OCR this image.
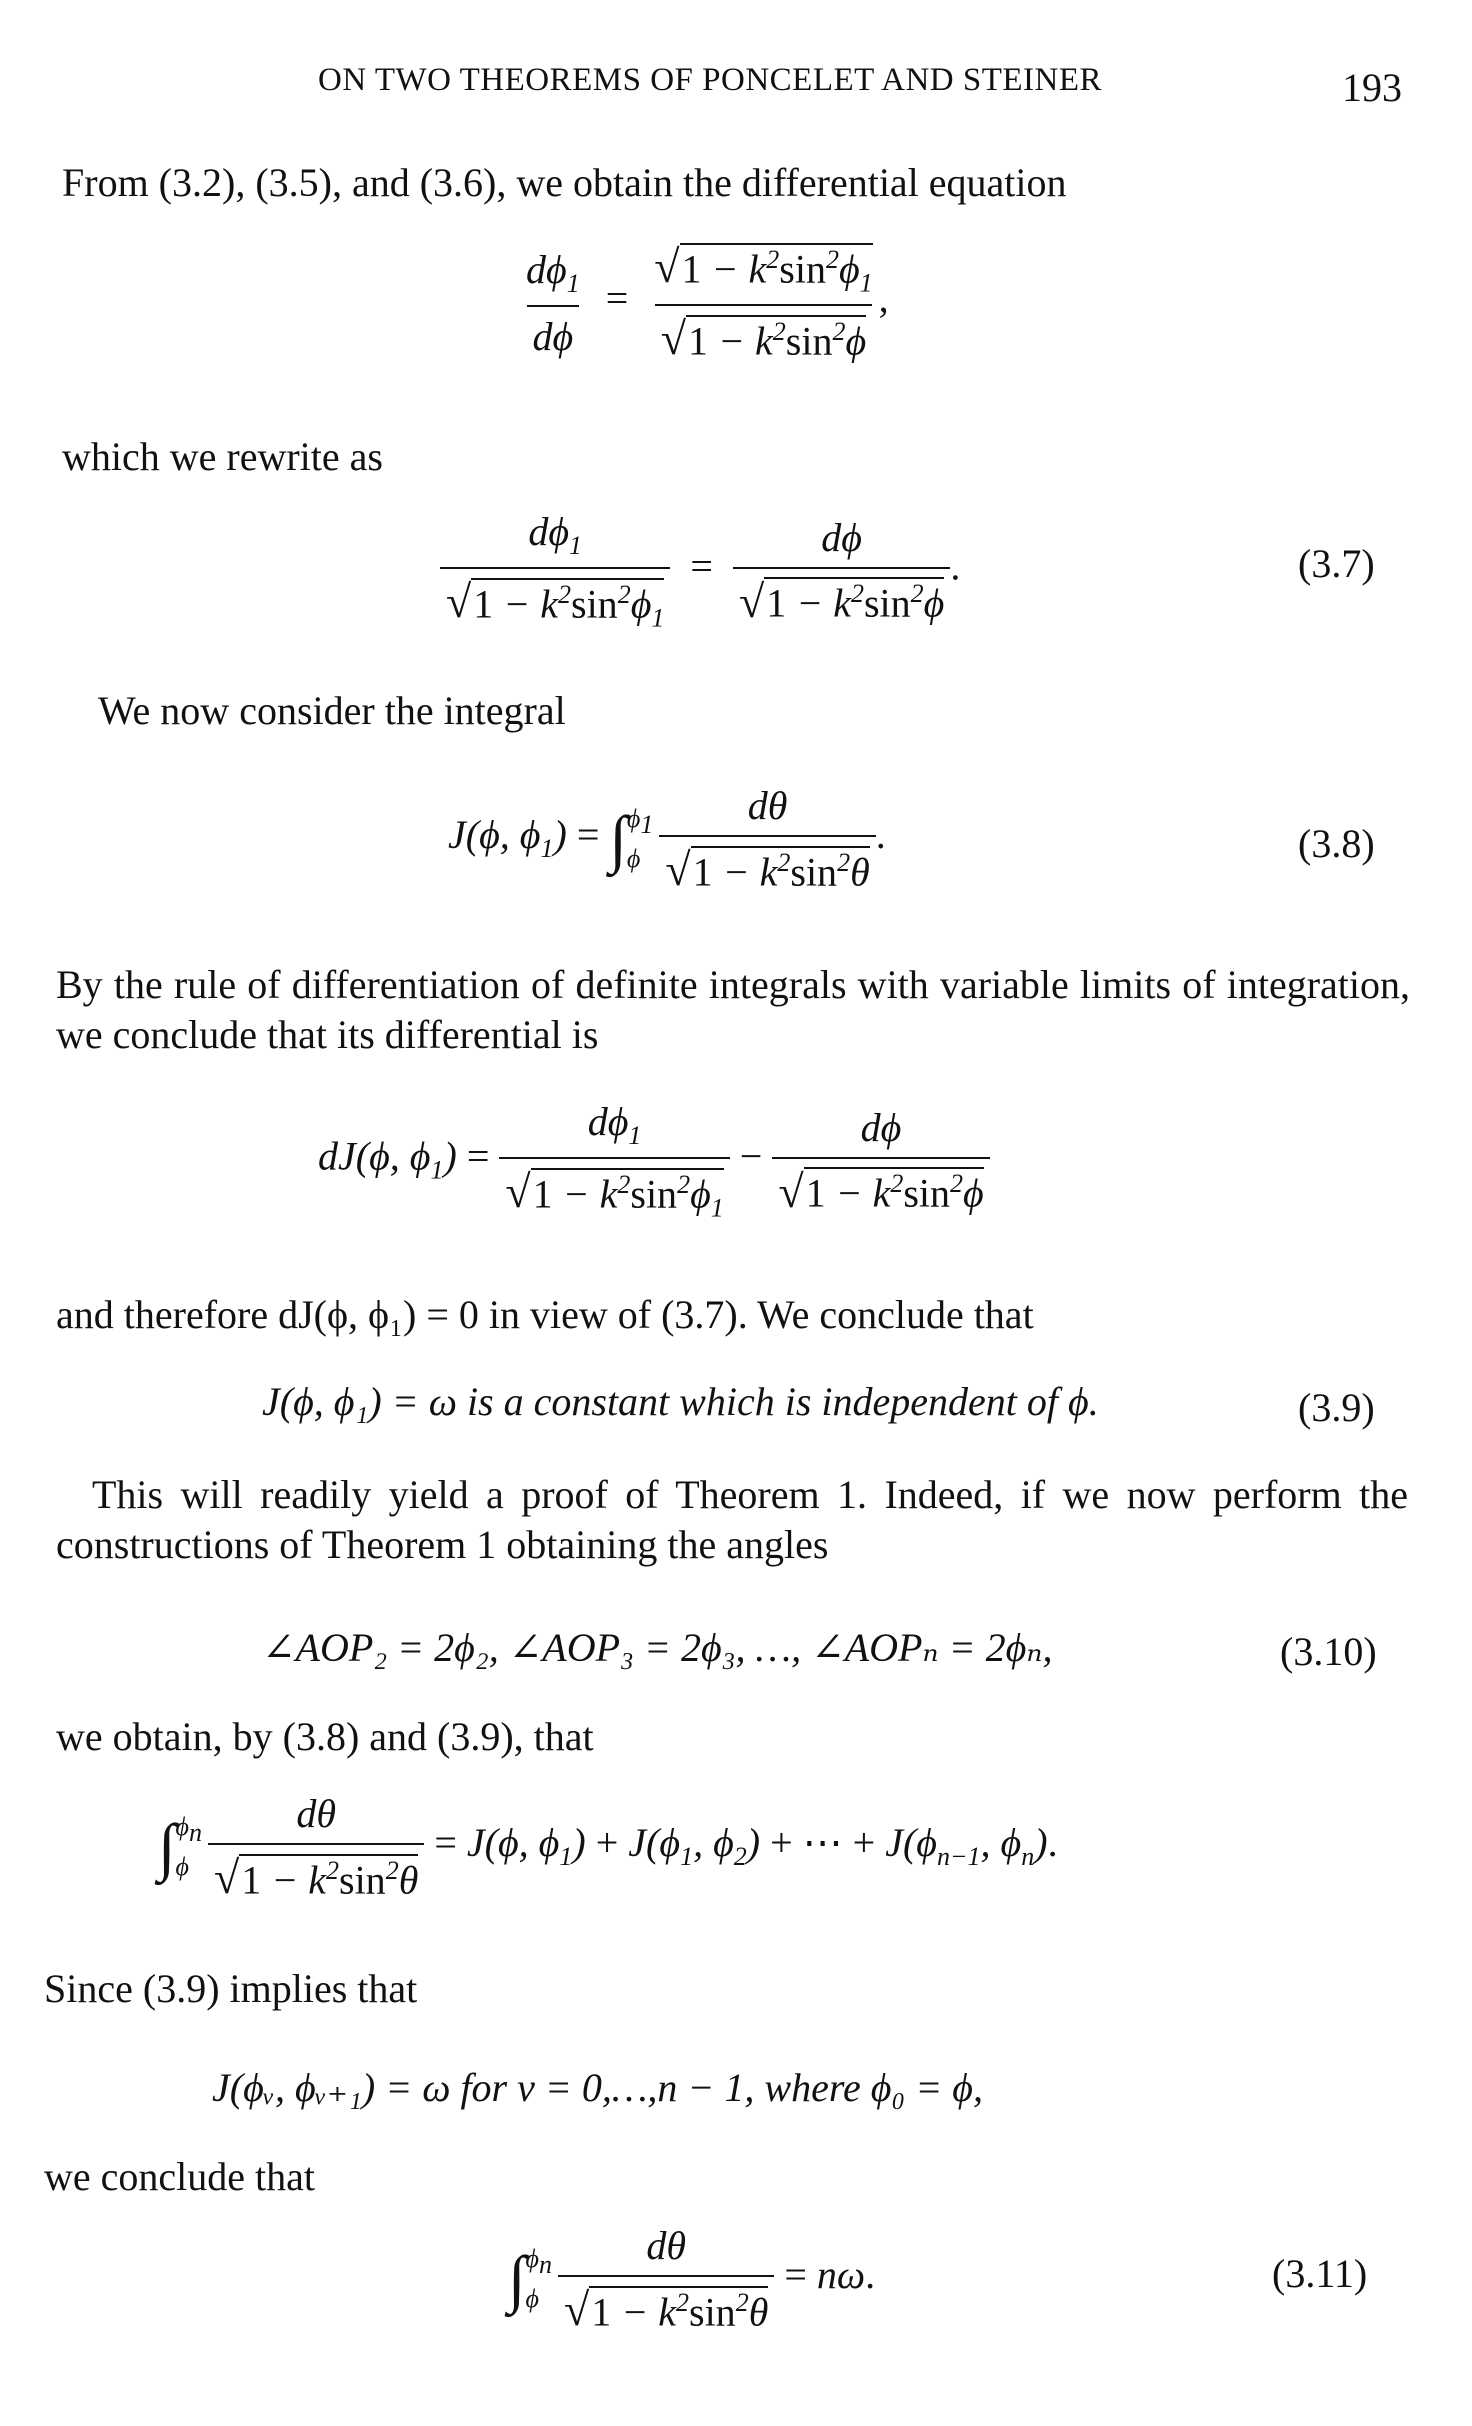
ON TWO THEOREMS OF PONCELET AND STEINER	193
From (3.2), (3.5), and (3.6), we obtain the differential equation
$\frac{d\phi_1}{d\phi} = \frac{√1 - k^2\sin^2\phi_1}{√1 - k^2\sin^2\phi}$ ,
which we rewrite as
$\frac{d\phi_1}{√1 - k^2\sin^2\phi_1} = \frac{d\phi}{√1 - k^2\sin^2\phi}$ .	(3.7)
We now consider the integral
J(ϕ, $\phi_1$) = ∫ $\phi_1$
ϕ $\frac{d\theta}{√1 - k^2\sin^2\theta}$ .	(3.8)
By the rule of differentiation of definite integrals with variable limits of integration, we conclude that its differential is
dJ(ϕ, $\phi_1) = \frac{d\phi_1}{√1 - k^2\sin^2\phi_1} - \frac{d\phi}{√1 - k^2\sin^2\phi}$
and therefore dJ(ϕ, ϕ₁) = 0 in view of (3.7). We conclude that
J(ϕ, ϕ₁) = ω is a constant which is independent of ϕ.	(3.9)
This will readily yield a proof of Theorem 1. Indeed, if we now perform the constructions of Theorem 1 obtaining the angles
∠AOP₂ = 2ϕ₂, ∠AOP₃ = 2ϕ₃, …, ∠AOPₙ = 2ϕₙ,	(3.10)
we obtain, by (3.8) and (3.9), that
∫ $\phi_n$
ϕ $\frac{d\theta}{√1 - k^2\sin^2\theta} = J(\phi$, $\phi_1) + J(\phi_1$, $\phi_2$) + ⋯ + $J(\phi_{n-1}$, $\phi_n$).
Since (3.9) implies that
J(ϕᵥ, ϕᵥ₊₁) = ω for ν = 0,…,n − 1, where ϕ₀ = ϕ,
we conclude that
∫ $\phi_n$
ϕ $\frac{d\theta}{√1 - k^2\sin^2\theta} = n\omega$.	(3.11)
